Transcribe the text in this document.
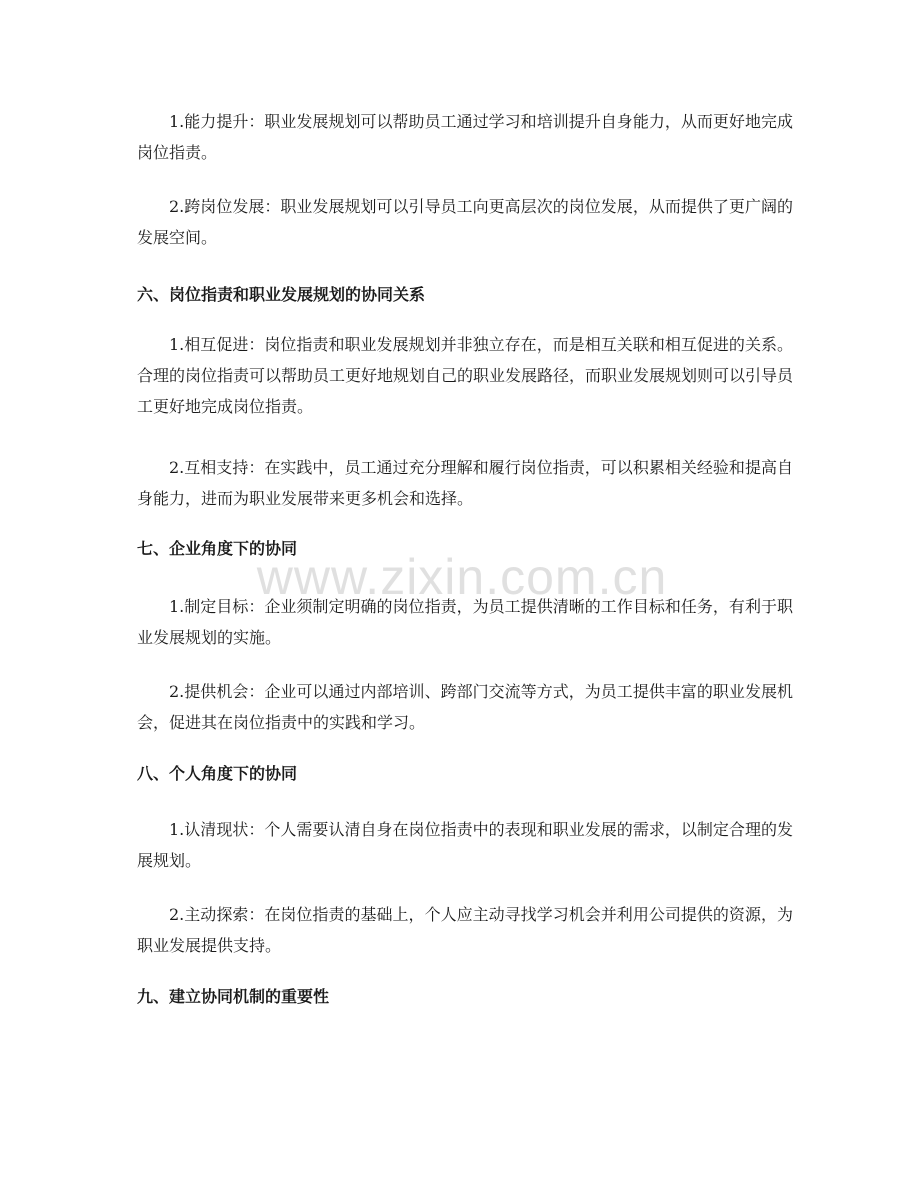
www.zixin.com.cn

1.能力提升：职业发展规划可以帮助员工通过学习和培训提升自身能力，从而更好地完成岗位指责。

2.跨岗位发展：职业发展规划可以引导员工向更高层次的岗位发展，从而提供了更广阔的发展空间。

六、岗位指责和职业发展规划的协同关系

1.相互促进：岗位指责和职业发展规划并非独立存在，而是相互关联和相互促进的关系。合理的岗位指责可以帮助员工更好地规划自己的职业发展路径，而职业发展规划则可以引导员工更好地完成岗位指责。

2.互相支持：在实践中，员工通过充分理解和履行岗位指责，可以积累相关经验和提高自身能力，进而为职业发展带来更多机会和选择。

七、企业角度下的协同

1.制定目标：企业须制定明确的岗位指责，为员工提供清晰的工作目标和任务，有利于职业发展规划的实施。

2.提供机会：企业可以通过内部培训、跨部门交流等方式，为员工提供丰富的职业发展机会，促进其在岗位指责中的实践和学习。

八、个人角度下的协同

1.认清现状：个人需要认清自身在岗位指责中的表现和职业发展的需求，以制定合理的发展规划。

2.主动探索：在岗位指责的基础上，个人应主动寻找学习机会并利用公司提供的资源，为职业发展提供支持。

九、建立协同机制的重要性
